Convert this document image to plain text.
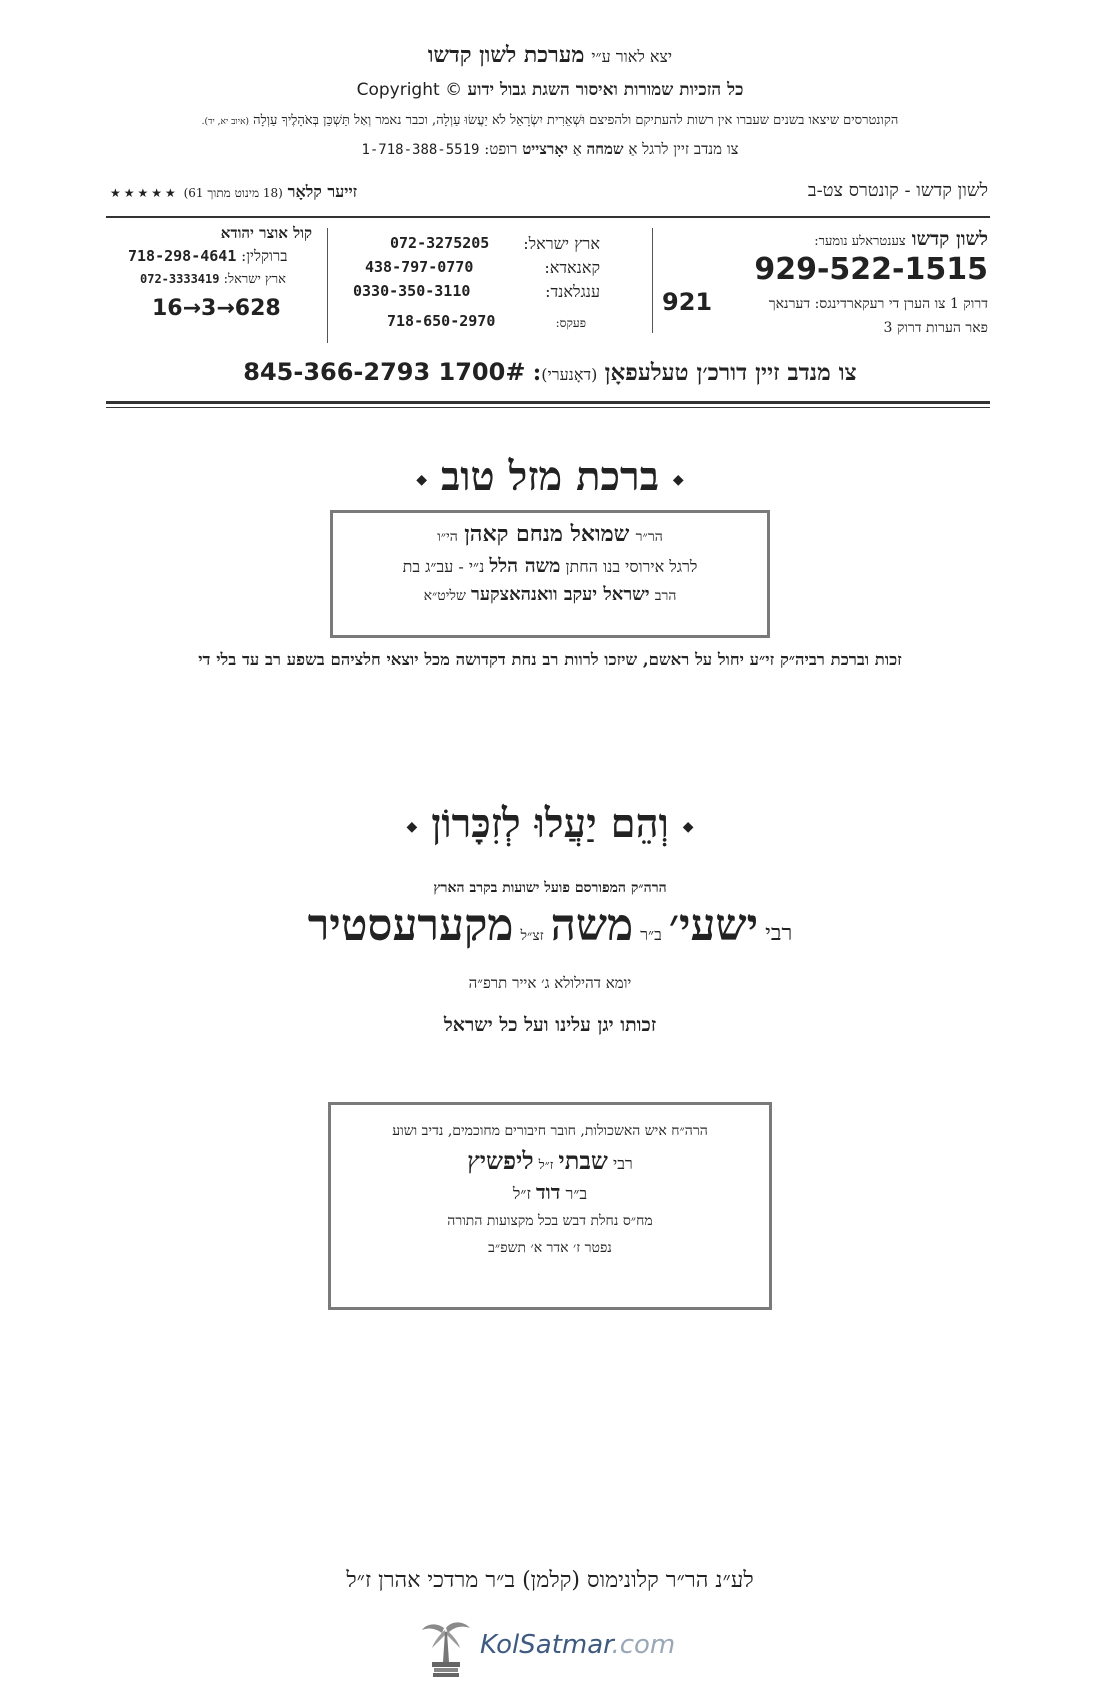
יצא לאור ע״י מערכת לשון קדשו
כל הזכיות שמורות ואיסור השגת גבול ידוע Copyright ©
הקונטרסים שיצאו בשנים שעברו אין רשות להעתיקם ולהפיצם וּשְׁאֵרִית יִשְׂרָאֵל לֹא יַעֲשׂוּ עַוְלָה, וכבר נאמר וְאַל תַּשְׁכֵּן בְּאֹהָלֶיךָ עַוְלָה (איוב יא, יד).
צו מנדב זיין לרגל אַ שמחה אַ יאָרצייט רופט: 1-718-388-5519
לשון קדשו - קונטרס צט-ב
זייער קלאָר (18 מינוט מתוך 61) ★★★★★
לשון קדשו צענטראלע נומער:
929-522-1515
דרוק 1 צו הערן די רעקארדינגס: דערנאך
921
פאר הערות דרוק 3
ארץ ישראל:
072-3275205
קאנאדא:
438-797-0770
ענגלאנד:
0330-350-3110
פעקס:
718-650-2970
קול אוצר יהודא
ברוקלין: 718-298-4641
ארץ ישראל: 072-3333419
16→3→628
צו מנדב זיין דורכ׳ן טעלעפאָן (דאָנערי): 845-366-2793 1700#
◆ ברכת מזל טוב ◆
הר״ר שמואל מנחם קאהן הי״ו
לרגל אירוסי בנו החתן משה הלל נ״י - עב״ג בת
הרב ישראל יעקב וואנהאצקער שליט״א
זכות וברכת רביה״ק זי״ע יחול על ראשם, שיזכו לרוות רב נחת דקדושה מכל יוצאי חלציהם בשפע רב עד בלי די
◆ וְהֵם יַעֲלוּ לְזִכָּרוֹן ◆
הרה״ק המפורסם פועל ישועות בקרב הארץ
רבי ישעי׳ ב״ר משה זצ״ל מקערעסטיר
יומא דהילולא ג׳ אייר תרפ״ה
זכותו יגן עלינו ועל כל ישראל
הרה״ח איש האשכולות, חובר חיבורים מחוכמים, נדיב ושוע
רבי שבתי ז״ל ליפשיץ
ב״ר דוד ז״ל
מח״ס נחלת דבש בכל מקצועות התורה
נפטר ז׳ אדר א׳ תשפ״ב
לע״נ הר״ר קלונימוס (קלמן) ב״ר מרדכי אהרן ז״ל
KolSatmar.com
